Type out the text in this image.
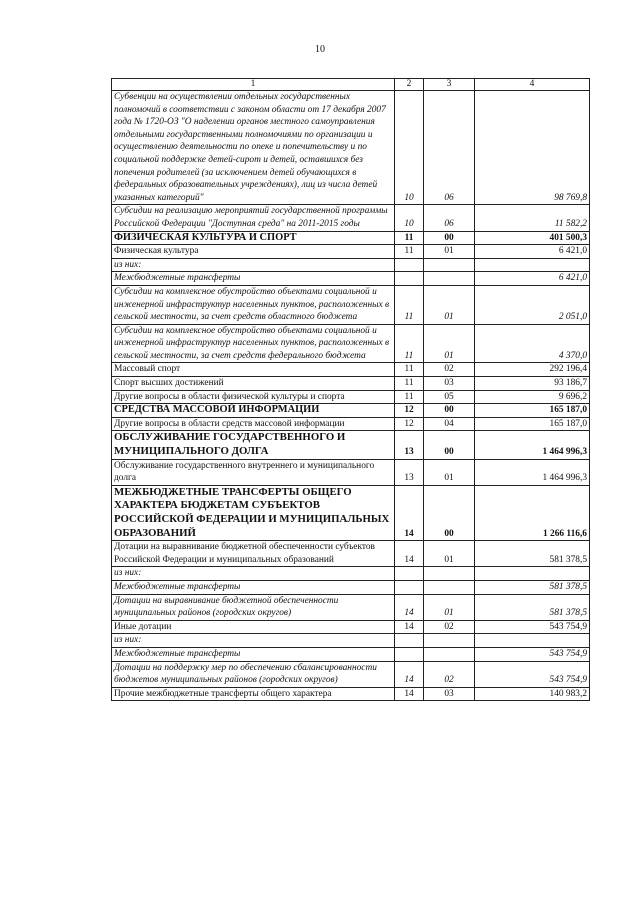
10
1	2	3	4
Субвенции на осуществлении отдельных государственных полномочий в соответствии с законом области от 17 декабря 2007 года № 1720-ОЗ "О наделении органов местного самоуправления отдельными государственными полномочиями по организации и осуществлению деятельности по опеке и попечительству и по социальной поддержке детей-сирот и детей, оставшихся без попечения родителей (за исключением детей обучающихся в федеральных образовательных учреждениях), лиц из числа детей указанных категорий"	10	06	98 769,8
Субсидии на реализацию мероприятий государственной программы Российской Федерации "Доступная среда" на 2011-2015 годы	10	06	11 582,2
ФИЗИЧЕСКАЯ КУЛЬТУРА И СПОРТ	11	00	401 500,3
Физическая культура	11	01	6 421,0
из них:			
Межбюджетные трансферты			6 421,0
Субсидии на комплексное обустройство объектами социальной и инженерной инфраструктур населенных пунктов, расположенных в сельской местности, за счет средств областного бюджета	11	01	2 051,0
Субсидии на комплексное обустройство объектами социальной и инженерной инфраструктур населенных пунктов, расположенных в сельской местности, за счет средств федерального бюджета	11	01	4 370,0
Массовый спорт	11	02	292 196,4
Спорт высших достижений	11	03	93 186,7
Другие вопросы в области физической культуры и спорта	11	05	9 696,2
СРЕДСТВА МАССОВОЙ ИНФОРМАЦИИ	12	00	165 187,0
Другие вопросы в области средств массовой информации	12	04	165 187,0
ОБСЛУЖИВАНИЕ ГОСУДАРСТВЕННОГО И МУНИЦИПАЛЬНОГО ДОЛГА	13	00	1 464 996,3
Обслуживание государственного внутреннего и муниципального долга	13	01	1 464 996,3
МЕЖБЮДЖЕТНЫЕ ТРАНСФЕРТЫ ОБЩЕГО ХАРАКТЕРА БЮДЖЕТАМ СУБЪЕКТОВ РОССИЙСКОЙ ФЕДЕРАЦИИ И МУНИЦИПАЛЬНЫХ ОБРАЗОВАНИЙ	14	00	1 266 116,6
Дотации на выравнивание бюджетной обеспеченности субъектов Российской Федерации и муниципальных образований	14	01	581 378,5
из них:			
Межбюджетные трансферты			581 378,5
Дотации на выравнивание бюджетной обеспеченности муниципальных районов (городских округов)	14	01	581 378,5
Иные дотации	14	02	543 754,9
из них:			
Межбюджетные трансферты			543 754,9
Дотации на поддержку мер по обеспечению сбалансированности бюджетов муниципальных районов (городских округов)	14	02	543 754,9
Прочие межбюджетные трансферты общего характера	14	03	140 983,2
